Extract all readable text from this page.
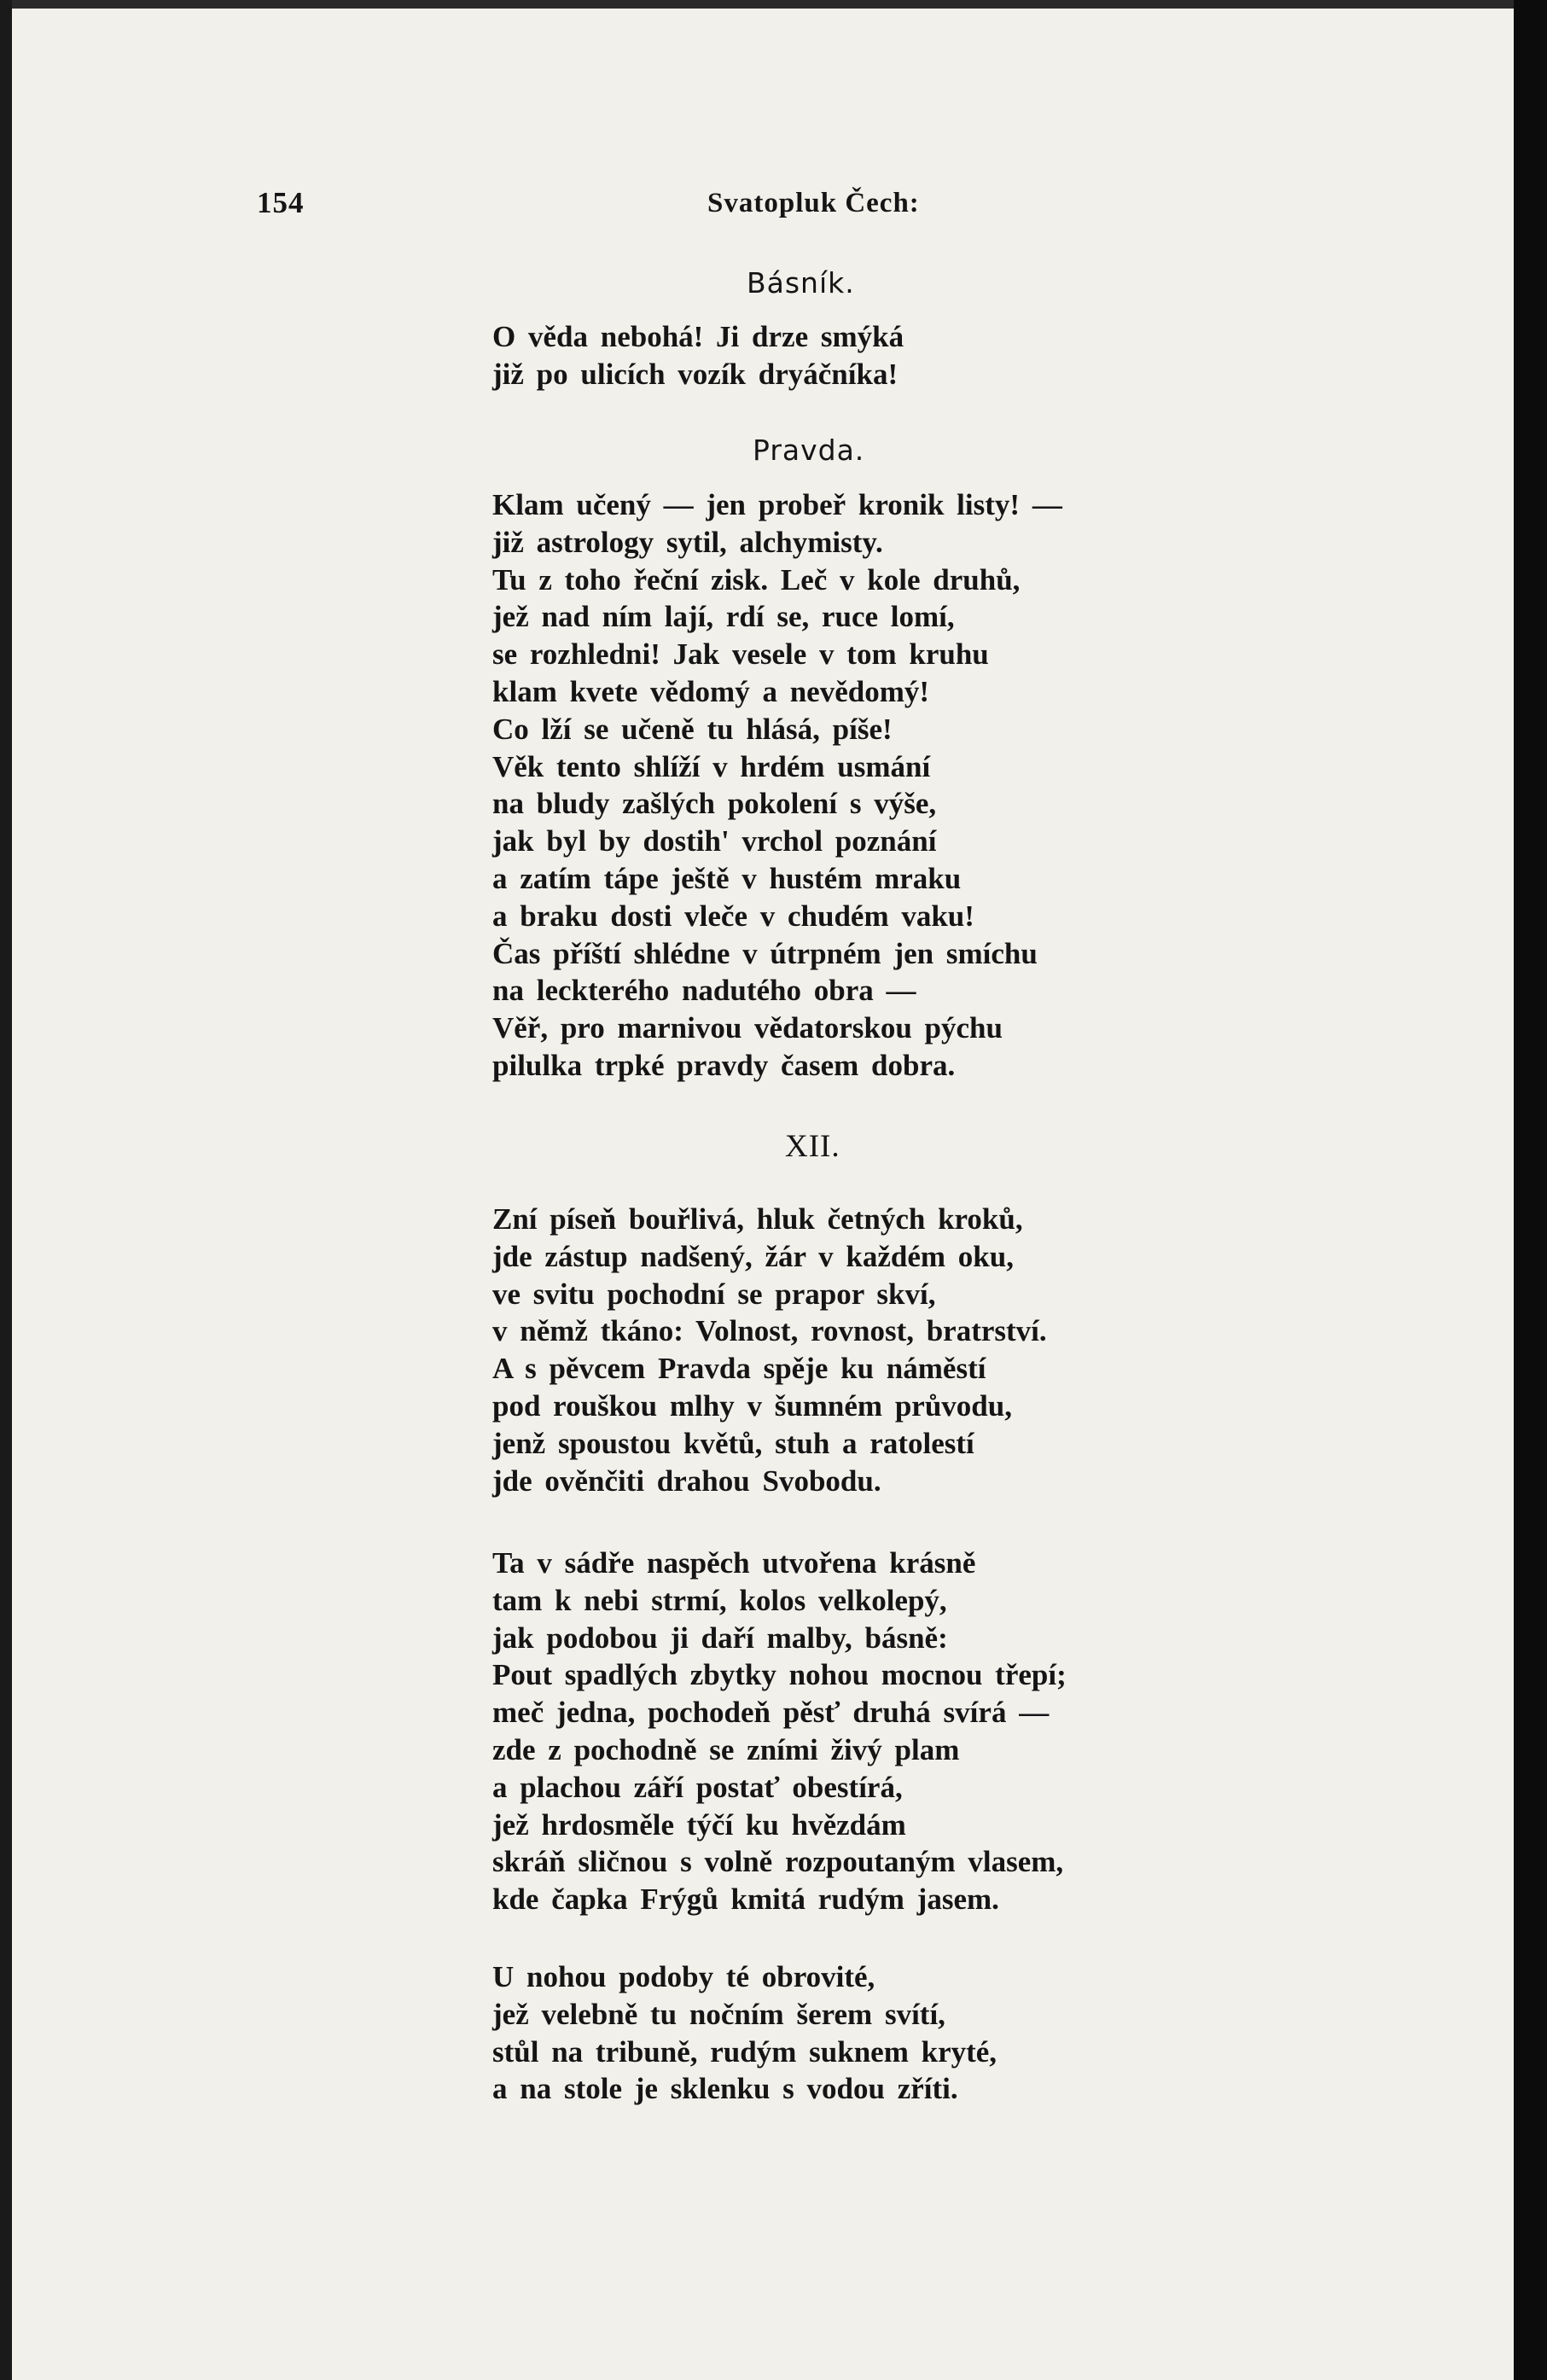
154	Svatopluk Čech:
Básník.
O věda nebohá! Ji drze smýká
již po ulicích vozík dryáčníka!
Pravda.
Klam učený — jen probeř kronik listy! —
již astrology sytil, alchymisty.
Tu z toho řeční zisk. Leč v kole druhů,
jež nad ním lají, rdí se, ruce lomí,
se rozhledni! Jak vesele v tom kruhu
klam kvete vědomý a nevědomý!
Co lží se učeně tu hlásá, píše!
Věk tento shlíží v hrdém usmání
na bludy zašlých pokolení s výše,
jak byl by dostih' vrchol poznání
a zatím tápe ještě v hustém mraku
a braku dosti vleče v chudém vaku!
Čas příští shlédne v útrpném jen smíchu
na leckterého nadutého obra —
Věř, pro marnivou vědatorskou pýchu
pilulka trpké pravdy časem dobra.
XII.
Zní píseň bouřlivá, hluk četných kroků,
jde zástup nadšený, žár v každém oku,
ve svitu pochodní se prapor skví,
v němž tkáno: Volnost, rovnost, bratrství.
A s pěvcem Pravda spěje ku náměstí
pod rouškou mlhy v šumném průvodu,
jenž spoustou květů, stuh a ratolestí
jde ověnčiti drahou Svobodu.
Ta v sádře naspěch utvořena krásně
tam k nebi strmí, kolos velkolepý,
jak podobou ji daří malby, básně:
Pout spadlých zbytky nohou mocnou třepí;
meč jedna, pochodeň pěsť druhá svírá —
zde z pochodně se zními živý plam
a plachou září postať obestírá,
jež hrdosměle týčí ku hvězdám
skráň sličnou s volně rozpoutaným vlasem,
kde čapka Frýgů kmitá rudým jasem.
U nohou podoby té obrovité,
jež velebně tu nočním šerem svítí,
stůl na tribuně, rudým suknem kryté,
a na stole je sklenku s vodou zříti.
